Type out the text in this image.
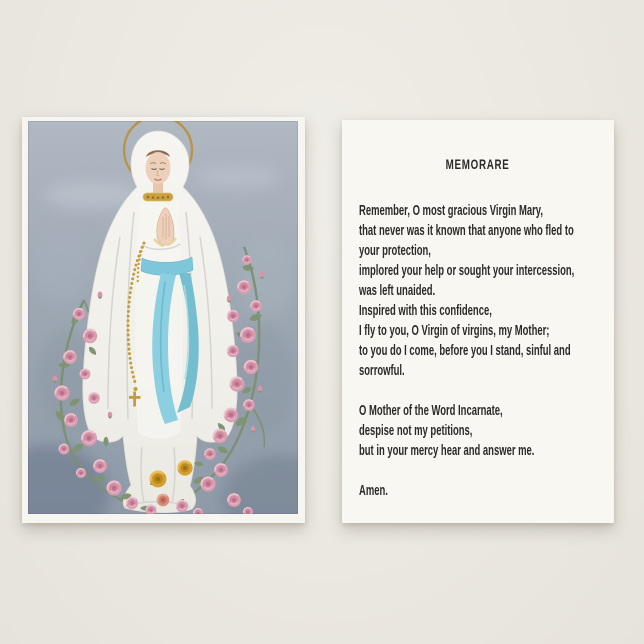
MEMORARE
Remember, O most gracious Virgin Mary,
that never was it known that anyone who fled to
your protection,
implored your help or sought your intercession,
was left unaided.
Inspired with this confidence,
I fly to you, O Virgin of virgins, my Mother;
to you do I come, before you I stand, sinful and
sorrowful.
O Mother of the Word Incarnate,
despise not my petitions,
but in your mercy hear and answer me.
Amen.
